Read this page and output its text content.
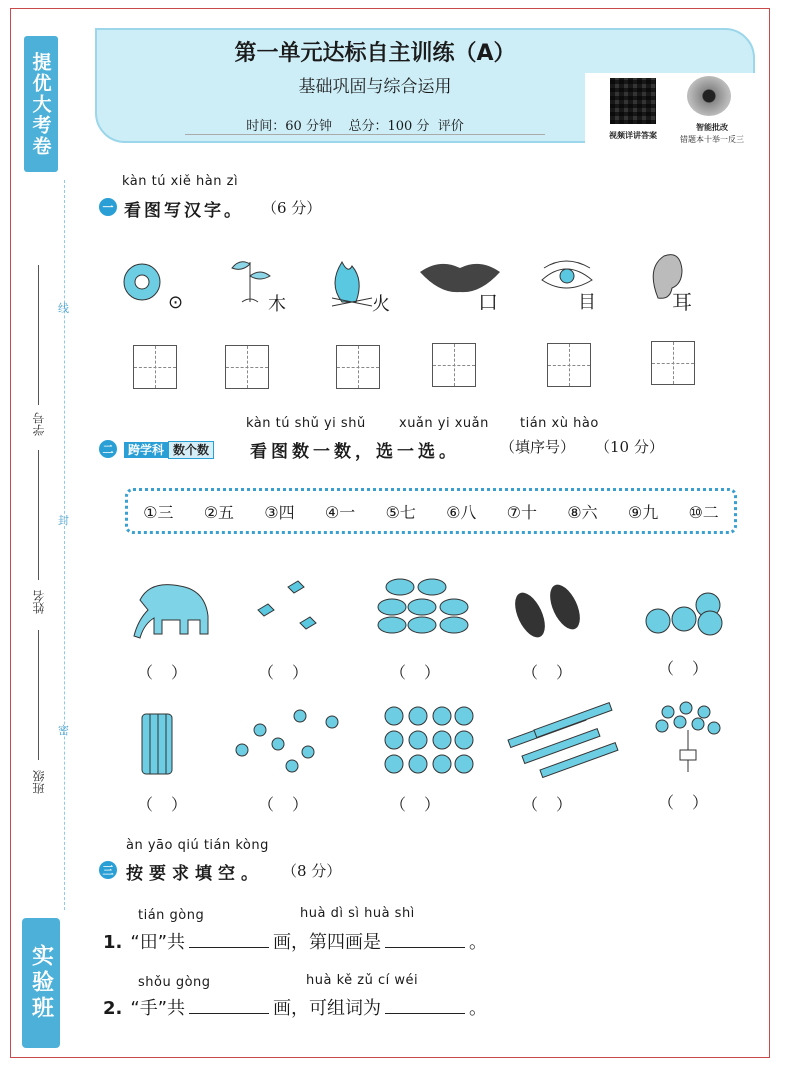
提优大考卷
线
封
密
学号
姓名
班级
实验班
第一单元达标自主训练（A）
基础巩固与综合运用
时间：60 分钟 总分：100 分 评价
视频详讲答案
智能批改
错题本十举一反三
kàn tú xiě hàn zì
一 看图写汉字。 （6 分）
⊙	木	火	口	目	耳
kàn tú shǔ yi shǔ	xuǎn yi xuǎn tián xù hào
二	跨学科 数个数 看图数一数，选一选。	（填序号） （10 分）
①三 ②五 ③四 ④一 ⑤七 ⑥八 ⑦十 ⑧六 ⑨九 ⑩二
（）	（）	（）	（）	（）
（）	（）	（）	（）	（）
àn yāo qiú tián kòng
三 按要求填空。 （8 分）
tián gòng	huà dì sì huà shì
1. “田”共	画，第四画是	。
shǒu gòng	huà kě zǔ cí wéi
2. “手”共	画，可组词为	。
